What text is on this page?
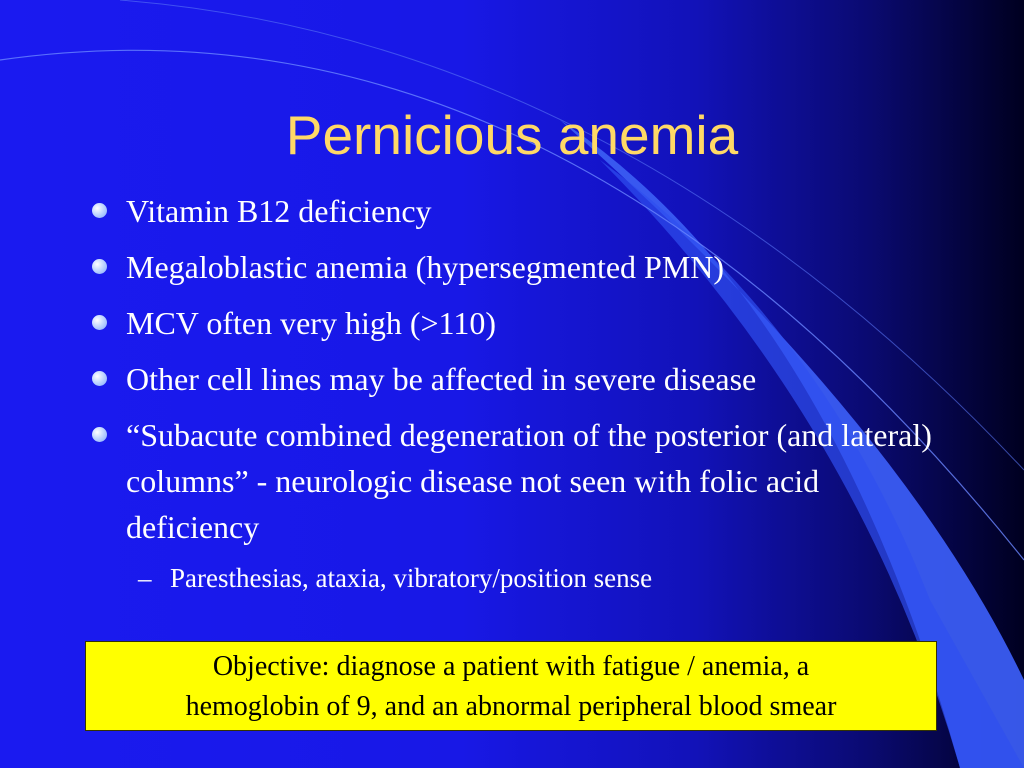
Pernicious anemia
Vitamin B12 deficiency
Megaloblastic anemia (hypersegmented PMN)
MCV often very high (>110)
Other cell lines may be affected in severe disease
“Subacute combined degeneration of the posterior (and lateral) columns” - neurologic disease not seen with folic acid deficiency
– Paresthesias, ataxia, vibratory/position sense
Objective: diagnose a patient with fatigue / anemia, a
hemoglobin of 9, and an abnormal peripheral blood smear
